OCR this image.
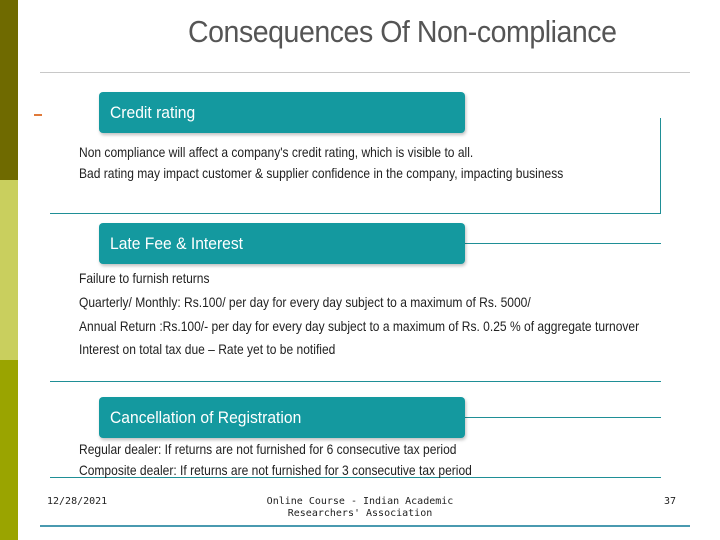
Consequences Of Non-compliance
Credit rating
Non compliance will affect a company's credit rating, which is visible to all.
Bad rating may impact customer & supplier confidence in the company, impacting business
Late Fee & Interest
Failure to furnish returns
Quarterly/ Monthly: Rs.100/ per day for every day subject to a maximum of Rs. 5000/
Annual Return :Rs.100/- per day for every day subject to a maximum of Rs. 0.25 % of aggregate turnover
Interest on total tax due – Rate yet to be notified
Cancellation of Registration
Regular dealer: If returns are not furnished for 6 consecutive tax period
Composite dealer: If returns are not furnished for 3 consecutive tax period
12/28/2021	Online Course - Indian Academic
Researchers' Association
37
